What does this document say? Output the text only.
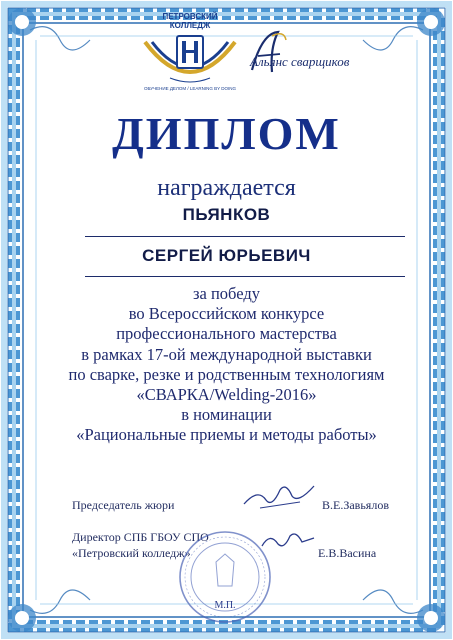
ПЕТРОВСКИЙ КОЛЛЕДЖ
ОБУЧЕНИЕ ДЕЛОМ / LEARNING BY DOING
Альянс сварщиков
ДИПЛОМ
награждается
ПЬЯНКОВ
СЕРГЕЙ ЮРЬЕВИЧ
за победу
во Всероссийском конкурсе
профессионального мастерства
в рамках 17-ой международной выставки
по сварке, резке и родственным технологиям
«СВАРКА/Welding-2016»
в номинации
«Рациональные приемы и методы работы»
Председатель жюри	В.Е.Завьялов
Директор СПБ ГБОУ СПО
«Петровский колледж»	Е.В.Васина
М.П.
